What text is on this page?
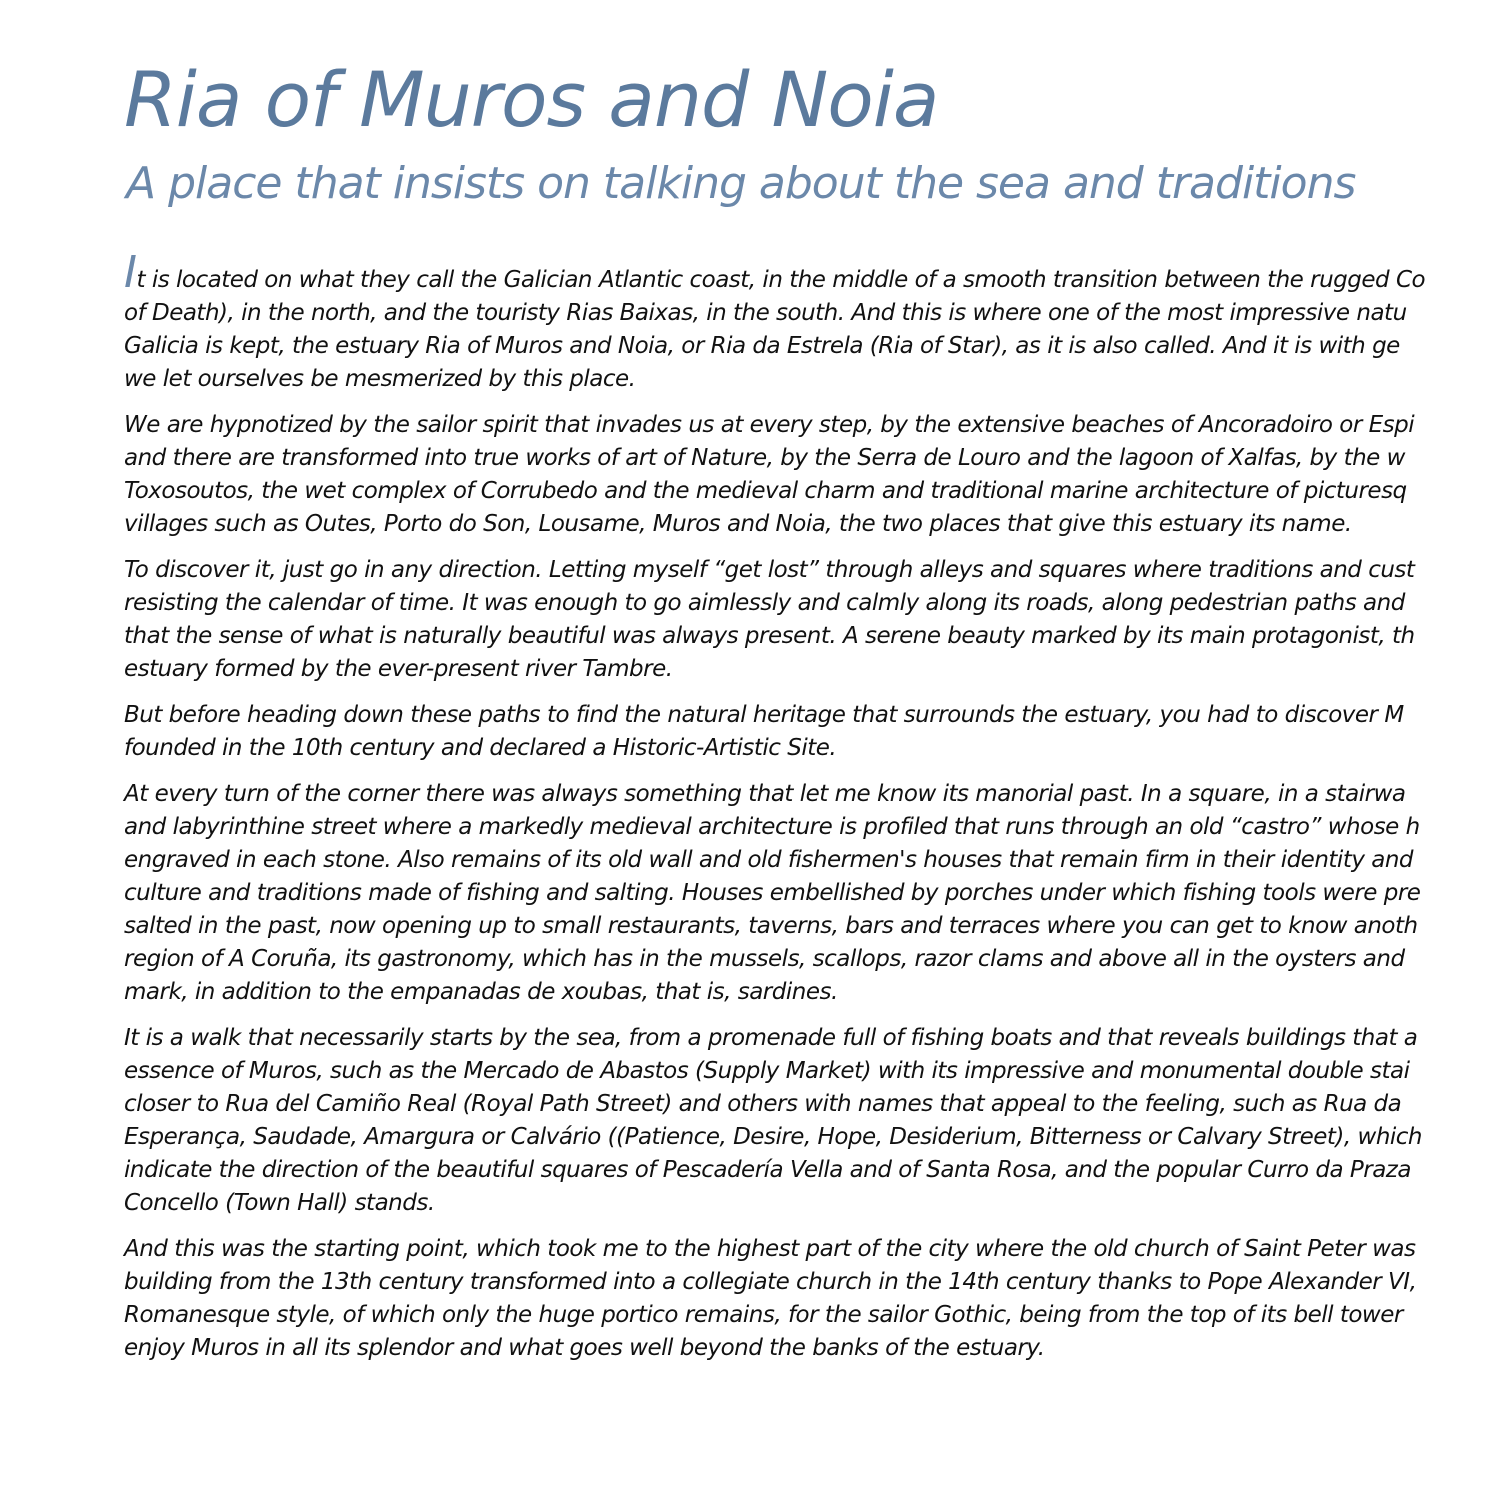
Ria of Muros and Noia
A place that insists on talking about the sea and traditions

It is located on what they call the Galician Atlantic coast, in the middle of a smooth transition between the rugged Co
of Death), in the north, and the touristy Rias Baixas, in the south. And this is where one of the most impressive natu
Galicia is kept, the estuary Ria of Muros and Noia, or Ria da Estrela (Ria of Star), as it is also called. And it is with ge
we let ourselves be mesmerized by this place.

We are hypnotized by the sailor spirit that invades us at every step, by the extensive beaches of Ancoradoiro or Espi
and there are transformed into true works of art of Nature, by the Serra de Louro and the lagoon of Xalfas, by the w
Toxosoutos, the wet complex of Corrubedo and the medieval charm and traditional marine architecture of picturesq
villages such as Outes, Porto do Son, Lousame, Muros and Noia, the two places that give this estuary its name.

To discover it, just go in any direction. Letting myself “get lost” through alleys and squares where traditions and cust
resisting the calendar of time. It was enough to go aimlessly and calmly along its roads, along pedestrian paths and
that the sense of what is naturally beautiful was always present. A serene beauty marked by its main protagonist, th
estuary formed by the ever-present river Tambre.

But before heading down these paths to find the natural heritage that surrounds the estuary, you had to discover M
founded in the 10th century and declared a Historic-Artistic Site.

At every turn of the corner there was always something that let me know its manorial past. In a square, in a stairwa
and labyrinthine street where a markedly medieval architecture is profiled that runs through an old “castro” whose h
engraved in each stone. Also remains of its old wall and old fishermen's houses that remain firm in their identity and
culture and traditions made of fishing and salting. Houses embellished by porches under which fishing tools were pre
salted in the past, now opening up to small restaurants, taverns, bars and terraces where you can get to know anoth
region of A Coruña, its gastronomy, which has in the mussels, scallops, razor clams and above all in the oysters and
mark, in addition to the empanadas de xoubas, that is, sardines.

It is a walk that necessarily starts by the sea, from a promenade full of fishing boats and that reveals buildings that a
essence of Muros, such as the Mercado de Abastos (Supply Market) with its impressive and monumental double stai
closer to Rua del Camiño Real (Royal Path Street) and others with names that appeal to the feeling, such as Rua da
Esperança, Saudade, Amargura or Calvário ((Patience, Desire, Hope, Desiderium, Bitterness or Calvary Street), which
indicate the direction of the beautiful squares of Pescadería Vella and of Santa Rosa, and the popular Curro da Praza
Concello (Town Hall) stands.

And this was the starting point, which took me to the highest part of the city where the old church of Saint Peter was
building from the 13th century transformed into a collegiate church in the 14th century thanks to Pope Alexander VI,
Romanesque style, of which only the huge portico remains, for the sailor Gothic, being from the top of its bell tower
enjoy Muros in all its splendor and what goes well beyond the banks of the estuary.
